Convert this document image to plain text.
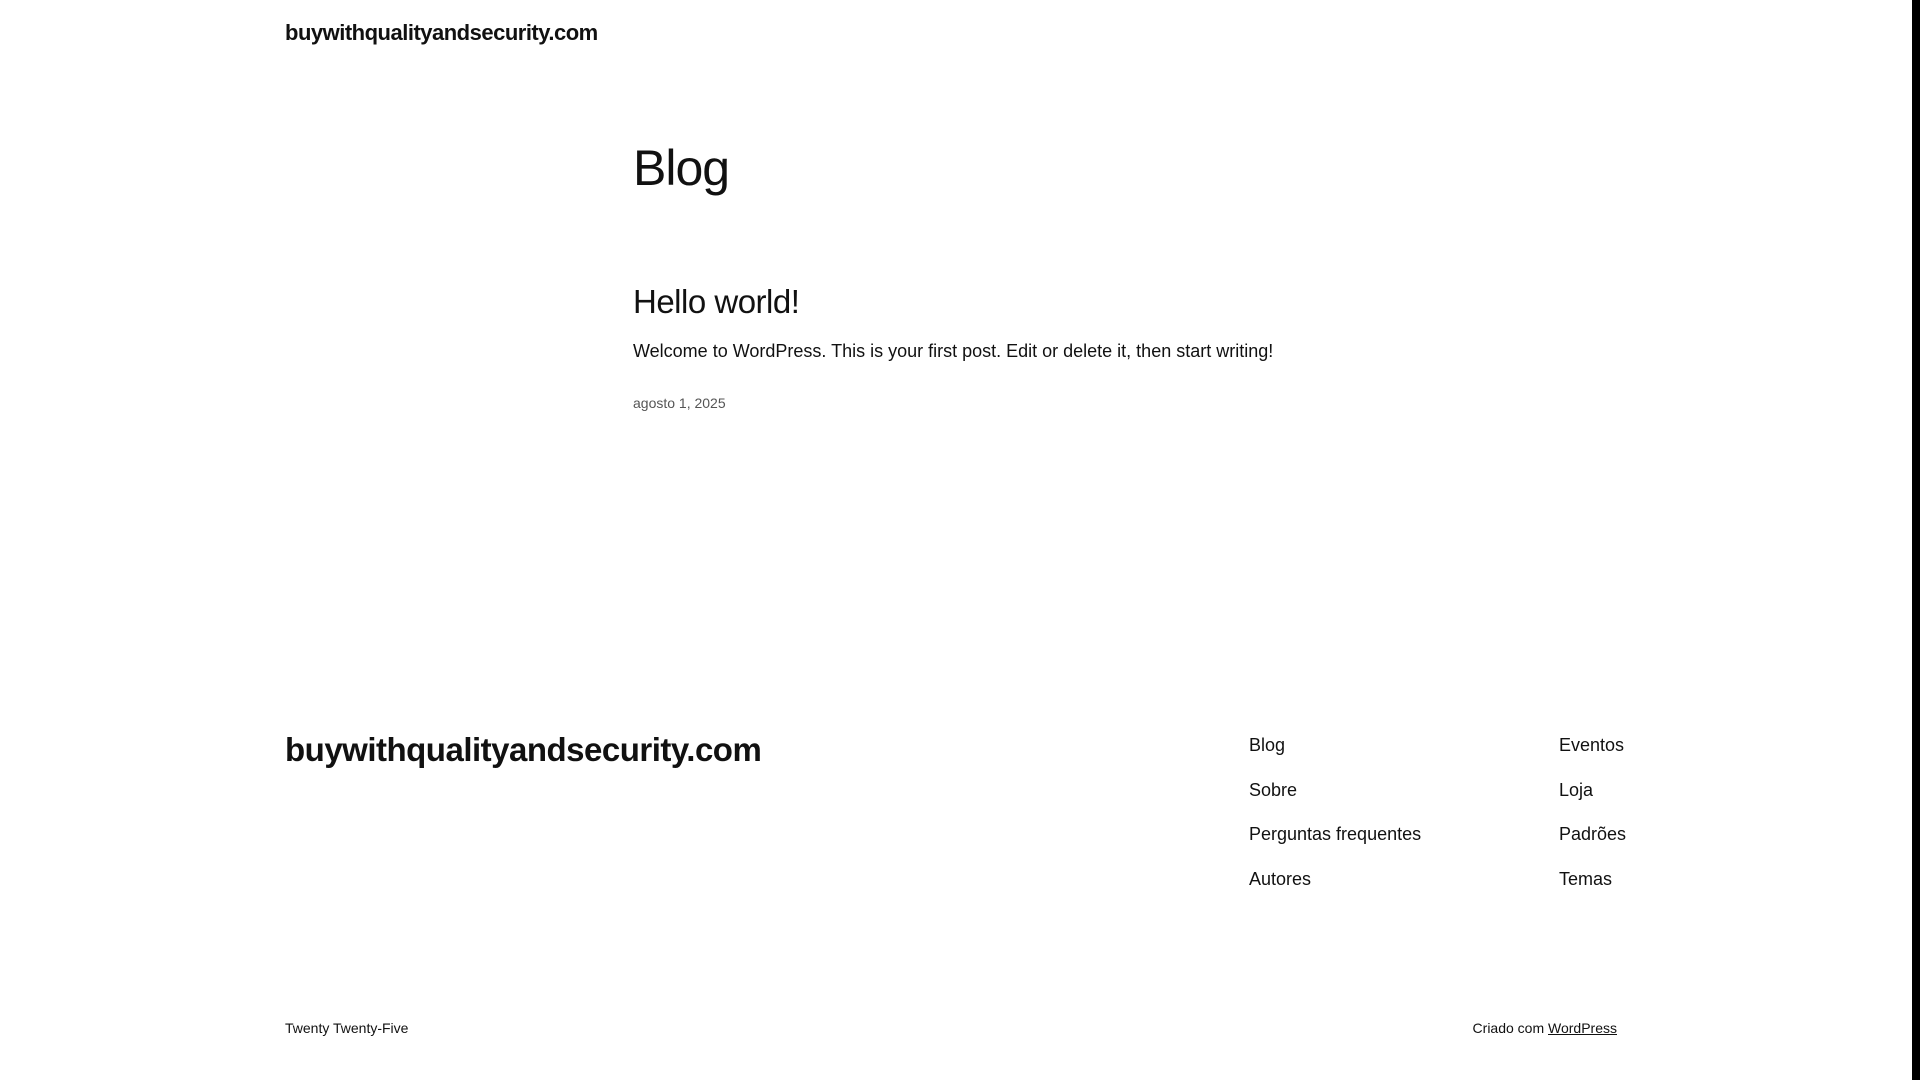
buywithqualityandsecurity.com
Blog
Hello world!

Welcome to WordPress. This is your first post. Edit or delete it, then start writing!

agosto 1, 2025
buywithqualityandsecurity.com	Blog
Sobre
Perguntas frequentes
Autores
Eventos
Loja
Padrões
Temas
Twenty Twenty-Five	Criado com WordPress
